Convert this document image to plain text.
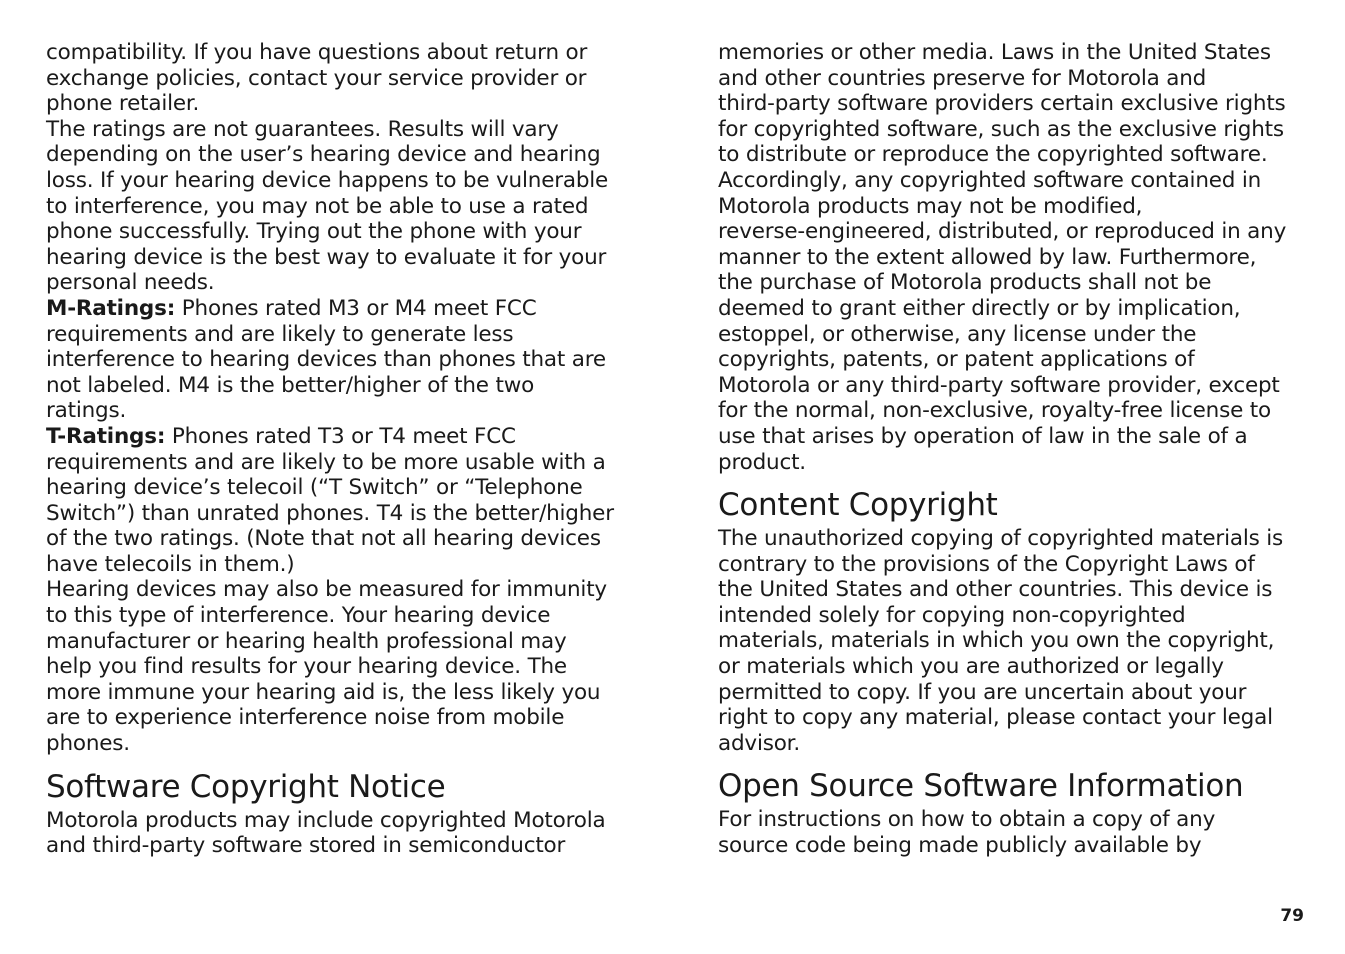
compatibility. If you have questions about return or
exchange policies, contact your service provider or
phone retailer.

The ratings are not guarantees. Results will vary
depending on the user’s hearing device and hearing
loss. If your hearing device happens to be vulnerable
to interference, you may not be able to use a rated
phone successfully. Trying out the phone with your
hearing device is the best way to evaluate it for your
personal needs.

M-Ratings: Phones rated M3 or M4 meet FCC
requirements and are likely to generate less
interference to hearing devices than phones that are
not labeled. M4 is the better/higher of the two
ratings.

T-Ratings: Phones rated T3 or T4 meet FCC
requirements and are likely to be more usable with a
hearing device’s telecoil (“T Switch” or “Telephone
Switch”) than unrated phones. T4 is the better/higher
of the two ratings. (Note that not all hearing devices
have telecoils in them.)

Hearing devices may also be measured for immunity
to this type of interference. Your hearing device
manufacturer or hearing health professional may
help you find results for your hearing device. The
more immune your hearing aid is, the less likely you
are to experience interference noise from mobile
phones.

Software Copyright Notice

Motorola products may include copyrighted Motorola
and third-party software stored in semiconductor

memories or other media. Laws in the United States
and other countries preserve for Motorola and
third-party software providers certain exclusive rights
for copyrighted software, such as the exclusive rights
to distribute or reproduce the copyrighted software.
Accordingly, any copyrighted software contained in
Motorola products may not be modified,
reverse-engineered, distributed, or reproduced in any
manner to the extent allowed by law. Furthermore,
the purchase of Motorola products shall not be
deemed to grant either directly or by implication,
estoppel, or otherwise, any license under the
copyrights, patents, or patent applications of
Motorola or any third-party software provider, except
for the normal, non-exclusive, royalty-free license to
use that arises by operation of law in the sale of a
product.

Content Copyright

The unauthorized copying of copyrighted materials is
contrary to the provisions of the Copyright Laws of
the United States and other countries. This device is
intended solely for copying non-copyrighted
materials, materials in which you own the copyright,
or materials which you are authorized or legally
permitted to copy. If you are uncertain about your
right to copy any material, please contact your legal
advisor.

Open Source Software Information

For instructions on how to obtain a copy of any
source code being made publicly available by

79
